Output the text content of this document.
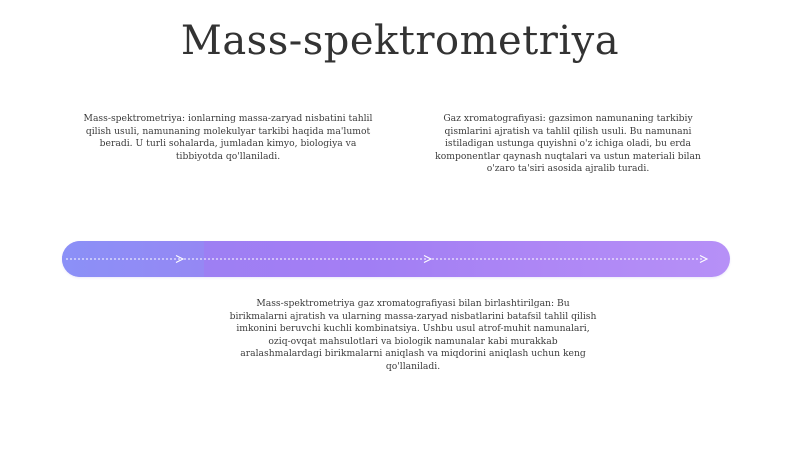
Mass-spektrometriya

Mass-spektrometriya: ionlarning massa-zaryad nisbatini tahlil qilish usuli, namunaning molekulyar tarkibi haqida ma'lumot beradi. U turli sohalarda, jumladan kimyo, biologiya va tibbiyotda qo'llaniladi.

Gaz xromatografiyasi: gazsimon namunaning tarkibiy qismlarini ajratish va tahlil qilish usuli. Bu namunani istiladigan ustunga quyishni o'z ichiga oladi, bu erda komponentlar qaynash nuqtalari va ustun materiali bilan o'zaro ta'siri asosida ajralib turadi.

Mass-spektrometriya gaz xromatografiyasi bilan birlashtirilgan: Bu birikmalarni ajratish va ularning massa-zaryad nisbatlarini batafsil tahlil qilish imkonini beruvchi kuchli kombinatsiya. Ushbu usul atrof-muhit namunalari, oziq-ovqat mahsulotlari va biologik namunalar kabi murakkab aralashmalardagi birikmalarni aniqlash va miqdorini aniqlash uchun keng qo'llaniladi.
